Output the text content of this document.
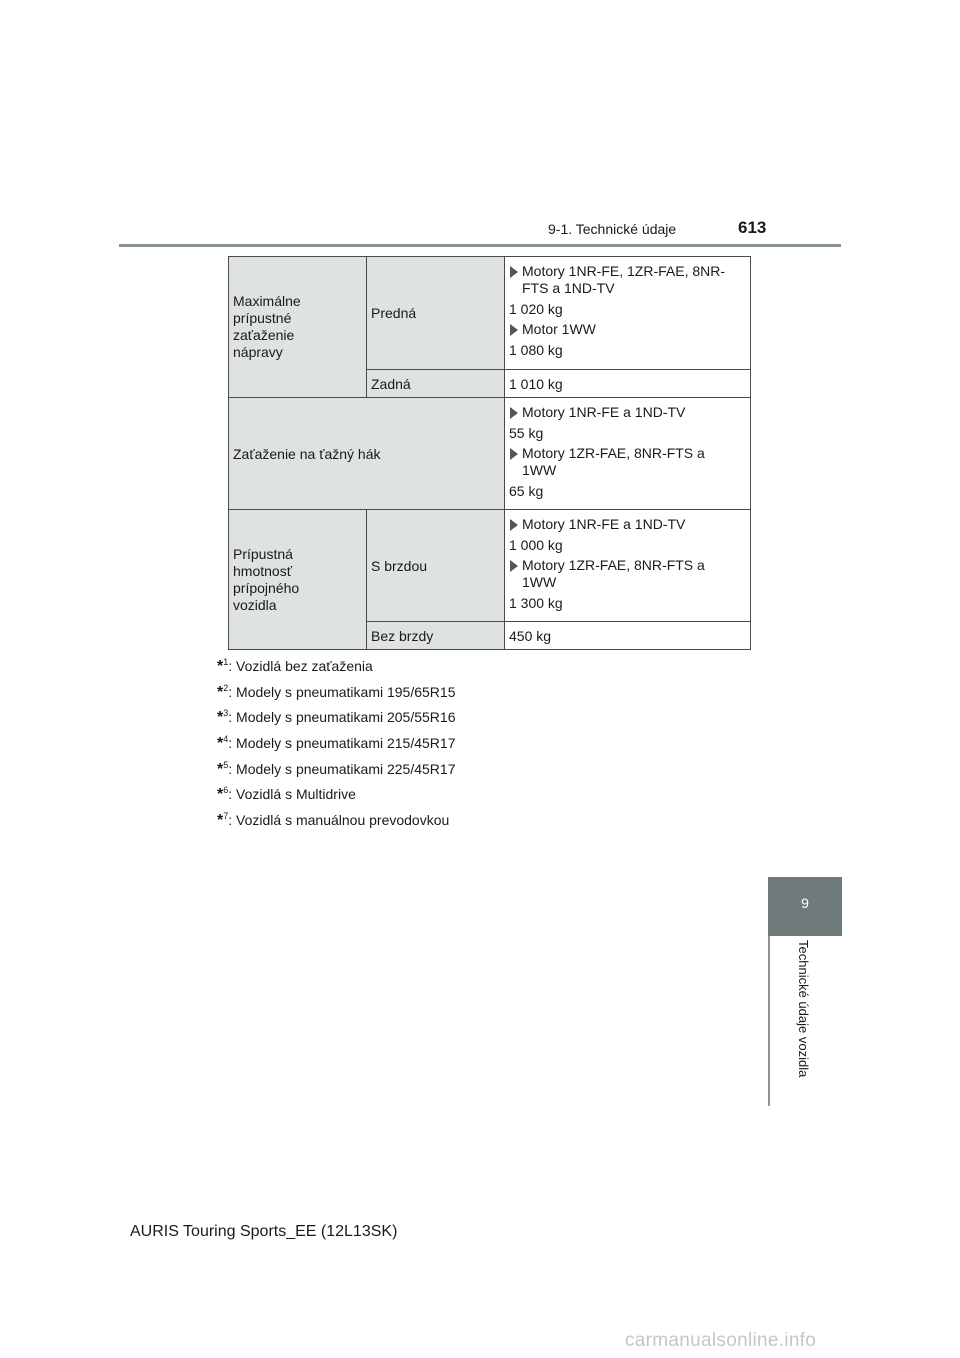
9-1. Technické údaje	613
Maximálne prípustné zaťaženie nápravy	Predná	Motory 1NR-FE, 1ZR-FAE, 8NR-FTS a 1ND-TV
1 020 kg
Motor 1WW
1 080 kg

	Zadná	1 010 kg
Zaťaženie na ťažný hák		Motory 1NR-FE a 1ND-TV
55 kg
Motory 1ZR-FAE, 8NR-FTS a 1WW
65 kg

Prípustná hmotnosť prípojného vozidla	S brzdou	Motory 1NR-FE a 1ND-TV
1 000 kg
Motory 1ZR-FAE, 8NR-FTS a 1WW
1 300 kg

	Bez brzdy	450 kg
*$^1$: Vozidlá bez zaťaženia
*$^2$: Modely s pneumatikami 195/65R15
*$^3$: Modely s pneumatikami 205/55R16
*$^4$: Modely s pneumatikami 215/45R17
*$^5$: Modely s pneumatikami 225/45R17
*$^6$: Vozidlá s Multidrive
*$^7$: Vozidlá s manuálnou prevodovkou
9
Technické údaje vozidla
AURIS Touring Sports_EE (12L13SK)
carmanualsonline.info
